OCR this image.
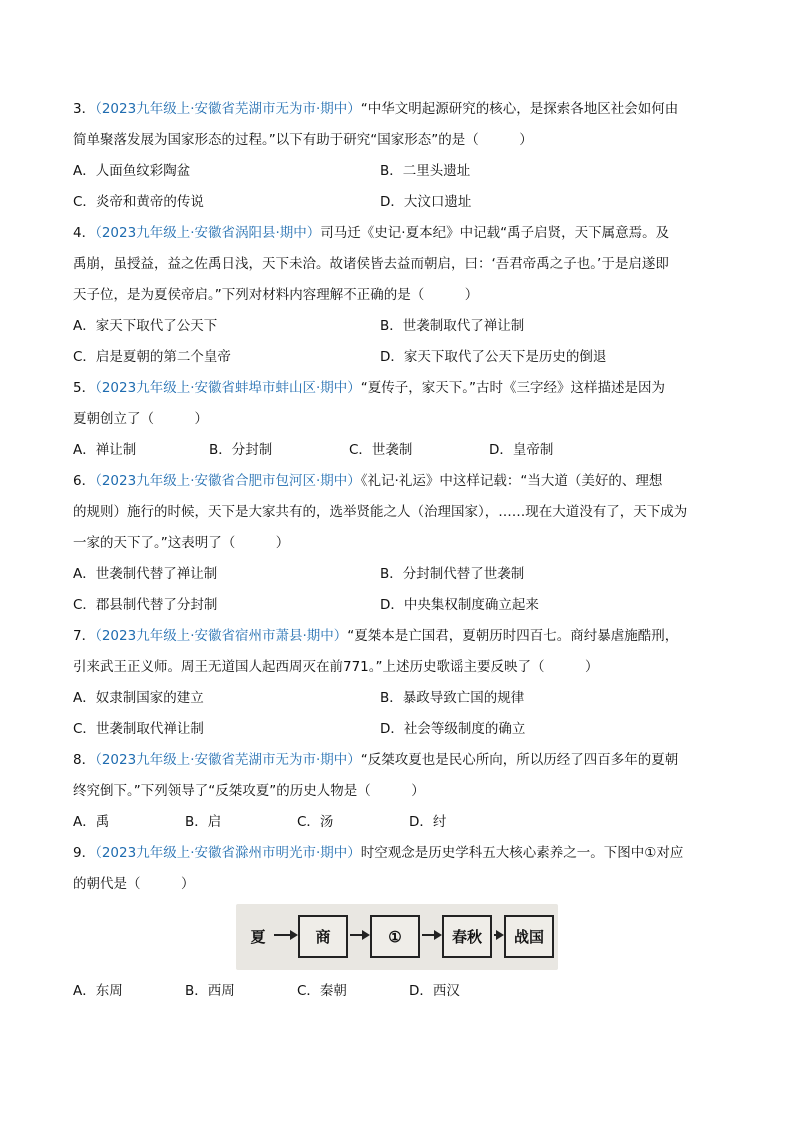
3．（2023九年级上·安徽省芜湖市无为市·期中）“中华文明起源研究的核心，是探索各地区社会如何由
简单聚落发展为国家形态的过程。”以下有助于研究“国家形态”的是（　　　）
A．人面鱼纹彩陶盆	B．二里头遗址
C．炎帝和黄帝的传说	D．大汶口遗址
4．（2023九年级上·安徽省涡阳县·期中）司马迁《史记·夏本纪》中记载“禹子启贤，天下属意焉。及
禹崩，虽授益，益之佐禹日浅，天下未洽。故诸侯皆去益而朝启，曰：‘吾君帝禹之子也。’于是启遂即
天子位，是为夏侯帝启。”下列对材料内容理解不正确的是（　　　）
A．家天下取代了公天下	B．世袭制取代了禅让制
C．启是夏朝的第二个皇帝	D．家天下取代了公天下是历史的倒退
5．（2023九年级上·安徽省蚌埠市蚌山区·期中）“夏传子，家天下。”古时《三字经》这样描述是因为
夏朝创立了（　　　）
A．禅让制	B．分封制	C．世袭制	D．皇帝制
6．（2023九年级上·安徽省合肥市包河区·期中）《礼记·礼运》中这样记载：“当大道（美好的、理想
的规则）施行的时候，天下是大家共有的，选举贤能之人（治理国家），……现在大道没有了，天下成为
一家的天下了。”这表明了（　　　）
A．世袭制代替了禅让制	B．分封制代替了世袭制
C．郡县制代替了分封制	D．中央集权制度确立起来
7．（2023九年级上·安徽省宿州市萧县·期中）“夏桀本是亡国君，夏朝历时四百七。商纣暴虐施酷刑，
引来武王正义师。周王无道国人起西周灭在前771。”上述历史歌谣主要反映了（　　　）
A．奴隶制国家的建立	B．暴政导致亡国的规律
C．世袭制取代禅让制	D．社会等级制度的确立
8．（2023九年级上·安徽省芜湖市无为市·期中）“反桀攻夏也是民心所向，所以历经了四百多年的夏朝
终究倒下。”下列领导了“反桀攻夏”的历史人物是（　　　）
A．禹	B．启	C．汤	D．纣
9．（2023九年级上·安徽省滁州市明光市·期中）时空观念是历史学科五大核心素养之一。下图中①对应
的朝代是（　　　）
夏	商	①	春秋	战国
A．东周	B．西周	C．秦朝	D．西汉
